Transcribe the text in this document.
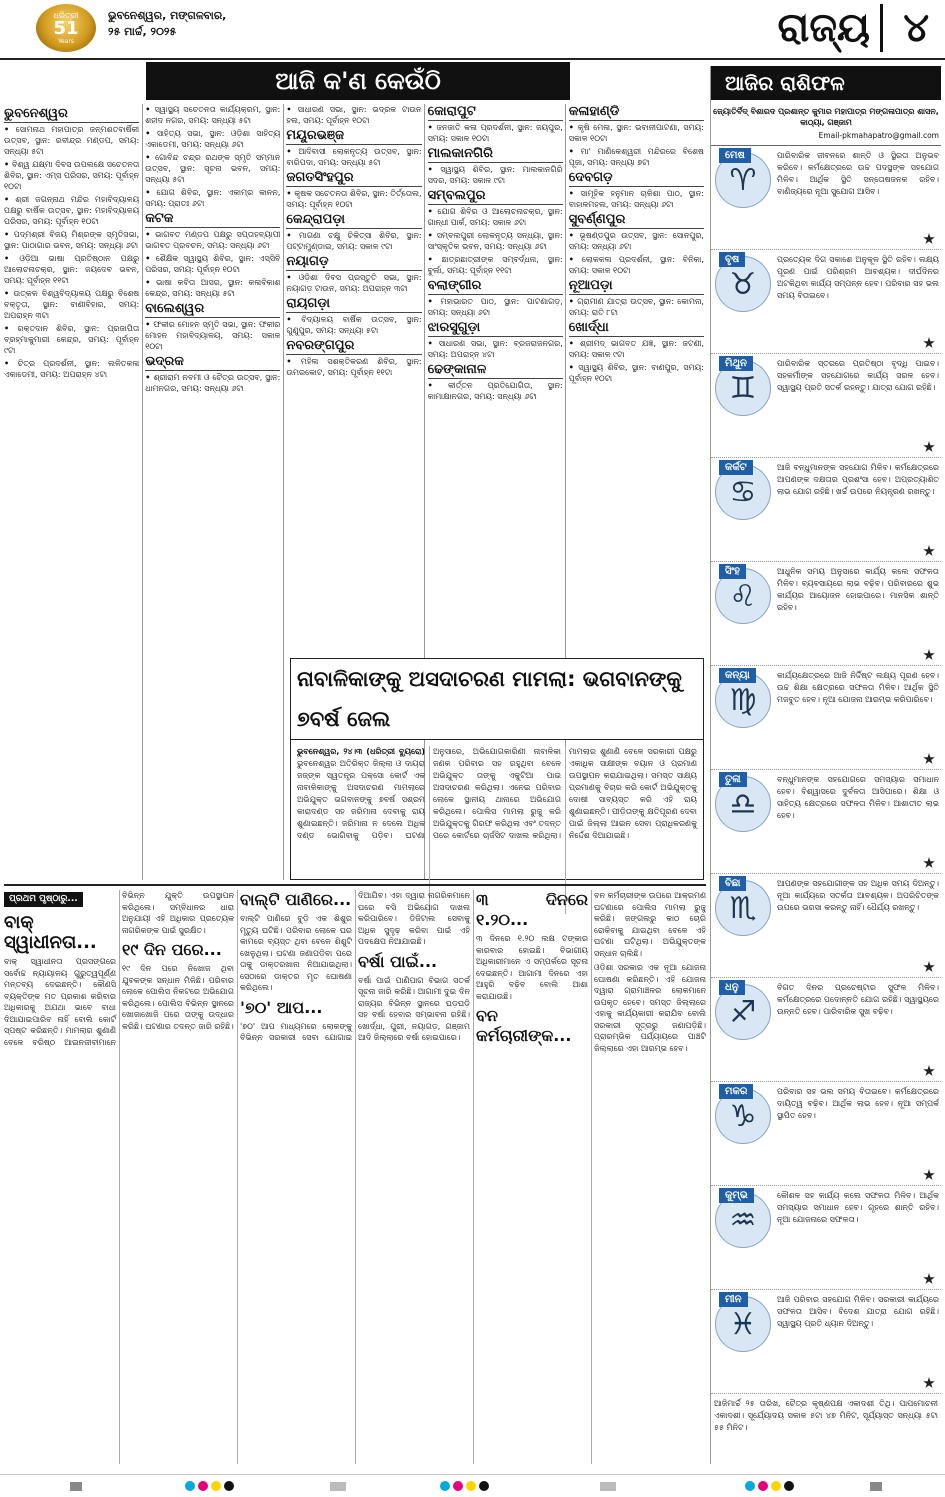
ଧରିତ୍ରୀ
51
Years
ଭୁବନେଶ୍ୱର, ମଙ୍ଗଳବାର,
୨୫ ମାର୍ଚ୍ଚ, ୨୦୨୫	ରାଜ୍ୟ ୪
ଆଜି କ'ଣ କେଉଁଠି
ଭୁବନେଶ୍ୱର
• ସୋମନାଥ ମହାପାତ୍ର ଜନ୍ମଶତବାର୍ଷିକୀ ଉତ୍ସବ, ସ୍ଥାନ: ରବୀନ୍ଦ୍ର ମଣ୍ଡପ, ସମୟ: ସନ୍ଧ୍ୟା ୫ଟା
• ବିଶ୍ୱ ଯକ୍ଷ୍ମା ଦିବସ ଉପଲକ୍ଷେ ସଚେତନତା ଶିବିର, ସ୍ଥାନ: ଏମ୍‌ସ ପରିସର, ସମୟ: ପୂର୍ବାହ୍ନ ୧୦ଟା
• ଶ୍ରୀ ଜଗନ୍ନାଥ ମନ୍ଦିର ମହାବିଦ୍ୟାଳୟ ପକ୍ଷରୁ ବାର୍ଷିକ ଉତ୍ସବ, ସ୍ଥାନ: ମହାବିଦ୍ୟାଳୟ ପରିସର, ସମୟ: ପୂର୍ବାହ୍ନ ୧୦ଟା
• ପଦ୍ମଶ୍ରୀ ବିଜୟ ମିଶ୍ରଙ୍କ ସ୍ମୃତିସଭା, ସ୍ଥାନ: ପାଠାଗାର ଭବନ, ସମୟ: ସନ୍ଧ୍ୟା ୬ଟା
• ଓଡ଼ିଆ ଭାଷା ପ୍ରତିଷ୍ଠାନ ପକ୍ଷରୁ ଆଲୋଚନାଚକ୍ର, ସ୍ଥାନ: ଜୟଦେବ ଭବନ, ସମୟ: ପୂର୍ବାହ୍ନ ୧୧ଟା
• ଉତ୍କଳ ବିଶ୍ୱବିଦ୍ୟାଳୟ ପକ୍ଷରୁ ବିଶେଷ ବକ୍ତୃତା, ସ୍ଥାନ: ବାଣୀବିହାର, ସମୟ: ଅପରାହ୍ନ ୩ଟା
• ରକ୍ତଦାନ ଶିବିର, ସ୍ଥାନ: ପ୍ରଜାପିତା ବ୍ରହ୍ମାକୁମାରୀ କେନ୍ଦ୍ର, ସମୟ: ପୂର୍ବାହ୍ନ ୯ଟା
• ଚିତ୍ର ପ୍ରଦର୍ଶନୀ, ସ୍ଥାନ: ଲଳିତକଳା ଏକାଡେମୀ, ସମୟ: ଅପରାହ୍ନ ୪ଟା
• ସ୍ୱାସ୍ଥ୍ୟ ସଚେତନତା କାର୍ଯ୍ୟକ୍ରମ, ସ୍ଥାନ: ଶହୀଦ ନଗର, ସମୟ: ସନ୍ଧ୍ୟା ୫ଟା
• ସାହିତ୍ୟ ସଭା, ସ୍ଥାନ: ଓଡ଼ିଶା ସାହିତ୍ୟ ଏକାଡେମୀ, ସମୟ: ସନ୍ଧ୍ୟା ୬ଟା
• ଗୋବିନ୍ଦ ଚନ୍ଦ୍ର ରଥଙ୍କ ସ୍ମୃତି ସମ୍ମାନ ଉତ୍ସବ, ସ୍ଥାନ: ସୂଚନା ଭବନ, ସମୟ: ସନ୍ଧ୍ୟା ୫ଟା
• ଯୋଗ ଶିବିର, ସ୍ଥାନ: ଏକାମ୍ର କାନନ, ସମୟ: ପ୍ରାତଃ ୬ଟା
କଟକ
• ଭାଗବତ ମଣ୍ଡପ ପକ୍ଷରୁ ସପ୍ତାହବ୍ୟାପୀ ଭାଗବତ ପ୍ରବଚନ, ସମୟ: ସନ୍ଧ୍ୟା ୬ଟା
• ଶୈକ୍ଷିକ ସ୍ୱାସ୍ଥ୍ୟ ଶିବିର, ସ୍ଥାନ: ଏସ୍‌ସିବି ପରିସର, ସମୟ: ପୂର୍ବାହ୍ନ ୧୦ଟା
• ଭାଷା କବିତା ଆସର, ସ୍ଥାନ: କଳାବିକାଶ କେନ୍ଦ୍ର, ସମୟ: ସନ୍ଧ୍ୟା ୫ଟା
ବାଲେଶ୍ୱର
• ଫକୀର ମୋହନ ସ୍ମୃତି ସଭା, ସ୍ଥାନ: ଫକୀର ମୋହନ ମହାବିଦ୍ୟାଳୟ, ସମୟ: ସକାଳ ୧୦ଟା
ଭଦ୍ରକ
• ଶ୍ରୀରାମ ନବମୀ ଓ ଚୈତ୍ର ଉତ୍ସବ, ସ୍ଥାନ: ଧାମନଗର, ସମୟ: ସନ୍ଧ୍ୟା ୬ଟା
• ସାଧାରଣ ସଭା, ସ୍ଥାନ: ଭଦ୍ରକ ଟାଉନ ହଲ, ସମୟ: ପୂର୍ବାହ୍ନ ୧୦ଟା
ମୟୂରଭଞ୍ଜ
• ଆଦିବାସୀ ଲୋକନୃତ୍ୟ ଉତ୍ସବ, ସ୍ଥାନ: ବାରିପଦା, ସମୟ: ସନ୍ଧ୍ୟା ୫ଟା
ଜଗତସିଂହପୁର
• କୃଷକ ସଚେତନତା ଶିବିର, ସ୍ଥାନ: ତିର୍ତ୍ତୋଲ, ସମୟ: ପୂର୍ବାହ୍ନ ୧୦ଟା
କେନ୍ଦ୍ରାପଡ଼ା
• ମାଗଣା ଚକ୍ଷୁ ଚିକିତ୍ସା ଶିବିର, ସ୍ଥାନ: ପଟ୍ଟାମୁଣ୍ଡାଇ, ସମୟ: ସକାଳ ୯ଟା
ନୟାଗଡ଼
• ଓଡ଼ିଶା ଦିବସ ପ୍ରସ୍ତୁତି ସଭା, ସ୍ଥାନ: ନୟାଗଡ଼ ଟାଉନ, ସମୟ: ଅପରାହ୍ନ ୩ଟା
ରାୟଗଡ଼ା
• ବିଦ୍ୟାଳୟ ବାର୍ଷିକ ଉତ୍ସବ, ସ୍ଥାନ: ଗୁଣୁପୁର, ସମୟ: ସନ୍ଧ୍ୟା ୫ଟା
ନବରଙ୍ଗପୁର
• ମହିଳା ସଶକ୍ତିକରଣ ଶିବିର, ସ୍ଥାନ: ଉମରକୋଟ, ସମୟ: ପୂର୍ବାହ୍ନ ୧୧ଟା
କୋରାପୁଟ
• ଜନଜାତି କଳା ପ୍ରଦର୍ଶନୀ, ସ୍ଥାନ: ଜୟପୁର, ସମୟ: ସକାଳ ୧୦ଟା
ମାଲକାନଗିରି
• ସ୍ୱାସ୍ଥ୍ୟ ଶିବିର, ସ୍ଥାନ: ମାଲକାନଗିରି ସଦର, ସମୟ: ସକାଳ ୯ଟା
ସମ୍ବଲପୁର
• ଯୋଗ ଶିବିର ଓ ଆଲୋଚନାଚକ୍ର, ସ୍ଥାନ: ଗାନ୍ଧୀ ପାର୍କ, ସମୟ: ସକାଳ ୬ଟା
• ସମ୍ବଲପୁରୀ ଲୋକନୃତ୍ୟ ସନ୍ଧ୍ୟା, ସ୍ଥାନ: ସାଂସ୍କୃତିକ ଭବନ, ସମୟ: ସନ୍ଧ୍ୟା ୬ଟା
• ଛାତ୍ରଛାତ୍ରୀଙ୍କ ସମ୍ବର୍ଦ୍ଧନା, ସ୍ଥାନ: ବୁର୍ଲା, ସମୟ: ପୂର୍ବାହ୍ନ ୧୧ଟା
ବଲାଙ୍ଗୀର
• ମହାଭାରତ ପାଠ, ସ୍ଥାନ: ପାଟଣାଗଡ଼, ସମୟ: ସନ୍ଧ୍ୟା ୬ଟା
ଝାରସୁଗୁଡ଼ା
• ସାଧାରଣ ସଭା, ସ୍ଥାନ: ବ୍ରଜରାଜନଗର, ସମୟ: ଅପରାହ୍ନ ୪ଟା
ଢେଙ୍କାନାଳ
• କୀର୍ତ୍ତନ ପ୍ରତିଯୋଗିତା, ସ୍ଥାନ: କାମାକ୍ଷାନଗର, ସମୟ: ସନ୍ଧ୍ୟା ୬ଟା
କଳାହାଣ୍ଡି
• କୃଷି ମେଳା, ସ୍ଥାନ: ଭବାନୀପାଟଣା, ସମୟ: ସକାଳ ୧୦ଟା
• ମା' ମାଣିକେଶ୍ୱରୀ ମନ୍ଦିରରେ ବିଶେଷ ପୂଜା, ସମୟ: ସନ୍ଧ୍ୟା ୭ଟା
ଦେବଗଡ଼
• ସାମୂହିକ ହନୁମାନ ଚାଳିଶା ପାଠ, ସ୍ଥାନ: ବାହାଳମହଲ, ସମୟ: ସନ୍ଧ୍ୟା ୬ଟା
ସୁବର୍ଣ୍ଣପୁର
• ଭୂଷଣ୍ଡପୁର ଉତ୍ସବ, ସ୍ଥାନ: ସୋନପୁର, ସମୟ: ସନ୍ଧ୍ୟା ୬ଟା
• ଲୋକକଳା ପ୍ରଦର୍ଶନୀ, ସ୍ଥାନ: ବିନିକା, ସମୟ: ସକାଳ ୧୦ଟା
ନୂଆପଡ଼ା
• ଗ୍ରାମୀଣ ଯାତ୍ରା ଉତ୍ସବ, ସ୍ଥାନ: କୋମନା, ସମୟ: ରାତି ୮ଟା
ଖୋର୍ଦ୍ଧା
• ଶ୍ରୀମଦ୍ ଭାଗବତ ଯଜ୍ଞ, ସ୍ଥାନ: ଜଟଣୀ, ସମୟ: ସକାଳ ୯ଟା
• ସ୍ୱାସ୍ଥ୍ୟ ଶିବିର, ସ୍ଥାନ: ବାଣପୁର, ସମୟ: ପୂର୍ବାହ୍ନ ୧୦ଟା
ନାବାଳିକାଙ୍କୁ ଅସଦାଚରଣ ମାମଲା: ଭଗବାନଙ୍କୁ ୭ବର୍ଷ ଜେଲ
ଭୁବନେଶ୍ୱର, ୨୪।୩ (ଧରିତ୍ରୀ ବ୍ୟୁରୋ) ଭୁବନେଶ୍ୱର ଅତିରିକ୍ତ ଜିଲ୍ଲା ଓ ଦାୟରା ଜଜ୍‌ଙ୍କ ସ୍ୱତନ୍ତ୍ର ପକ୍ସୋ କୋର୍ଟ ଏକ ନାବାଳିକାଙ୍କୁ ଅସଦାଚରଣ ମାମଲାରେ ଅଭିଯୁକ୍ତ ଭଗବାନଙ୍କୁ ୭ବର୍ଷ ସଶ୍ରମ କାରାଦଣ୍ଡ ସହ ଜରିମାନା ଦେବାକୁ ରାୟ ଶୁଣାଇଛନ୍ତି। ଜରିମାନା ନ ଦେଲେ ଅଧିକ ଦଣ୍ଡ ଭୋଗିବାକୁ ପଡ଼ିବ। ଘଟଣା ଅନୁସାରେ, ଅଭିଯୋଗକାରିଣୀ ନାବାଳିକା ଜଣକ ପରିବାର ସହ ରହୁଥିବା ବେଳେ ଅଭିଯୁକ୍ତ ତାଙ୍କୁ ଏକୁଟିଆ ପାଇ ଅସଦାଚରଣ କରିଥିଲା। ଏନେଇ ପରିବାର ଲୋକେ ସ୍ଥାନୀୟ ଥାନାରେ ଅଭିଯୋଗ କରିଥିଲେ। ପୋଲିସ ମାମଲା ରୁଜୁ କରି ଅଭିଯୁକ୍ତକୁ ଗିରଫ କରିଥିଲା ଏବଂ ତଦନ୍ତ ପରେ କୋର୍ଟରେ ଚାର୍ଜସିଟ ଦାଖଲ କରିଥିଲା। ମାମଲାର ଶୁଣାଣି ବେଳେ ସରକାରୀ ପକ୍ଷରୁ ଏକାଧିକ ସାକ୍ଷୀଙ୍କ ବୟାନ ଓ ପ୍ରମାଣ ଉପସ୍ଥାପନ କରାଯାଇଥିଲା। ସମସ୍ତ ସାକ୍ଷ୍ୟ ପ୍ରମାଣକୁ ବିଚାର କରି କୋର୍ଟ ଅଭିଯୁକ୍ତକୁ ଦୋଷୀ ସାବ୍ୟସ୍ତ କରି ଏହି ରାୟ ଶୁଣାଇଛନ୍ତି। ପୀଡ଼ିତାଙ୍କୁ କ୍ଷତିପୂରଣ ଦେବା ପାଇଁ ଜିଲ୍ଲା ଆଇନ ସେବା ପ୍ରାଧିକରଣକୁ ନିର୍ଦ୍ଦେଶ ଦିଆଯାଇଛି।
ଆଜିର ରାଶିଫଳ
ଜ୍ୟୋତିର୍ବିଦ୍ ବିଶାରଦ ପ୍ରଶାନ୍ତ କୁମାର ମହାପାତ୍ର ମଙ୍ଗଳାପାତ୍ର ଶାସନ, କାଠ୍ୟା, ଗଞ୍ଜାମ
Email-pkmahapatro@gmail.com
ମେଷ
♈
ପାରିବାରିକ ଜୀବନରେ ଶାନ୍ତି ଓ ସ୍ଥିରତା ଅନୁଭବ କରିବେ। କର୍ମକ୍ଷେତ୍ରରେ ଉଚ୍ଚ ପଦସ୍ଥଙ୍କ ସହଯୋଗ ମିଳିବ। ଆର୍ଥିକ ସ୍ଥିତି ସନ୍ତୋଷଜନକ ରହିବ। ବାଣିଜ୍ୟରେ ନୂଆ ସୁଯୋଗ ଆସିବ।
ବୃଷ
♉
ପ୍ରତ୍ୟେକ ଦିଗ ସକାଶେ ଅନୁକୂଳ ସ୍ଥିତି ରହିବ। ଲକ୍ଷ୍ୟ ପୂରଣ ପାଇଁ ପରିଶ୍ରମ ଆବଶ୍ୟକ। ଦୀର୍ଘଦିନର ଅଟକିଥିବା କାର୍ଯ୍ୟ ସମ୍ପନ୍ନ ହେବ। ପରିବାର ସହ ଭଲ ସମୟ ବିତାଇବେ।
ମିଥୁନ
♊
ପାରିବାରିକ ସ୍ତରରେ ପ୍ରତିଷ୍ଠା ବୃଦ୍ଧି ପାଇବ। ସହକର୍ମୀଙ୍କ ସହଯୋଗରେ କାର୍ଯ୍ୟ ସରଳ ହେବ। ସ୍ୱାସ୍ଥ୍ୟ ପ୍ରତି ସତର୍କ ରହନ୍ତୁ। ଯାତ୍ରା ଯୋଗ ରହିଛି।
କର୍କଟ
♋
ଆଜି ବନ୍ଧୁମାନଙ୍କ ସହଯୋଗ ମିଳିବ। କର୍ମକ୍ଷେତ୍ରରେ ଆପଣଙ୍କ ଦକ୍ଷତାର ପ୍ରଶଂସା ହେବ। ଅପ୍ରତ୍ୟାଶିତ ଲାଭ ଯୋଗ ରହିଛି। ଖର୍ଚ୍ଚ ଉପରେ ନିୟନ୍ତ୍ରଣ ରଖନ୍ତୁ।
ସିଂହ
♌
ଆଧୁନିକ ସମୟ ଅନୁସାରେ କାର୍ଯ୍ୟ କଲେ ସଫଳତା ମିଳିବ। ବ୍ୟବସାୟରେ ଲାଭ ବଢ଼ିବ। ପରିବାରରେ ଶୁଭ କାର୍ଯ୍ୟର ଆୟୋଜନ ହୋଇପାରେ। ମାନସିକ ଶାନ୍ତି ରହିବ।
କନ୍ୟା
♍
କାର୍ଯ୍ୟକ୍ଷେତ୍ରରେ ଆଜି ନିର୍ଦ୍ଦିଷ୍ଟ ଲକ୍ଷ୍ୟ ପୂରଣ ହେବ। ଉଚ୍ଚ ଶିକ୍ଷା କ୍ଷେତ୍ରରେ ସଫଳତା ମିଳିବ। ଆର୍ଥିକ ସ୍ଥିତି ମଜବୁତ ହେବ। ନୂଆ ଯୋଜନା ଆରମ୍ଭ କରିପାରିବେ।
ତୁଳା
♎
ବନ୍ଧୁମାନଙ୍କ ସହଯୋଗରେ ସମସ୍ୟାର ସମାଧାନ ହେବ। ବିଶ୍ୱାସରେ ଦୁର୍ବଳତା ଆସିପାରେ। ଶିକ୍ଷା ଓ ସାହିତ୍ୟ କ୍ଷେତ୍ରରେ ସଫଳତା ମିଳିବ। ଆଶାତୀତ ଲାଭ ହେବ।
ବିଛା
♏
ଆପଣଙ୍କ ସହଯୋଗୀଙ୍କ ସହ ଅଧିକ ସମୟ ଦିଅନ୍ତୁ। ନୂଆ କାର୍ଯ୍ୟରେ ସତର୍କତା ଆବଶ୍ୟକ। ଅପରିଚିତଙ୍କ ଉପରେ ଭରସା କରନ୍ତୁ ନାହିଁ। ଧୈର୍ଯ୍ୟ ରଖନ୍ତୁ।
ଧନୁ
♐
ବିଗତ ଦିନର ପ୍ରଚେଷ୍ଟାର ସୁଫଳ ମିଳିବ। କର୍ମକ୍ଷେତ୍ରରେ ପଦୋନ୍ନତି ଯୋଗ ରହିଛି। ସ୍ୱାସ୍ଥ୍ୟରେ ଉନ୍ନତି ହେବ। ପାରିବାରିକ ସୁଖ ବଢ଼ିବ।
ମକର
♑
ପରିବାର ସହ ଭଲ ସମୟ ବିତାଇବେ। କର୍ମକ୍ଷେତ୍ରରେ ଦାୟିତ୍ୱ ବଢ଼ିବ। ଆର୍ଥିକ ଲାଭ ହେବ। ନୂଆ ସମ୍ପର୍କ ସ୍ଥାପିତ ହେବ।
କୁମ୍ଭ
♒
କୌଶଳ ସହ କାର୍ଯ୍ୟ କଲେ ସଫଳତା ମିଳିବ। ଆର୍ଥିକ ସମସ୍ୟାର ସମାଧାନ ହେବ। ଗୃହରେ ଶାନ୍ତି ରହିବ। ନୂଆ ଯୋଜନାରେ ସଫଳତା।
ମୀନ
♓
ଆଜି ପରିବାର ସହଯୋଗ ମିଳିବ। ସରକାରୀ କାର୍ଯ୍ୟରେ ସଫଳତା ଆସିବ। ବିଦେଶ ଯାତ୍ରା ଯୋଗ ରହିଛି। ସ୍ୱାସ୍ଥ୍ୟ ପ୍ରତି ଧ୍ୟାନ ଦିଅନ୍ତୁ।
ଆଜିମାର୍ଚ୍ଚ ୨୫ ତାରିଖ, ଚୈତ୍ର କୃଷ୍ଣପକ୍ଷ ଏକାଦଶୀ ତିଥି। ପାପମୋଚନୀ ଏକାଦଶୀ। ସୂର୍ଯ୍ୟୋଦୟ ସକାଳ ୫ଟା ୪୭ ମିନିଟ, ସୂର୍ଯ୍ୟାସ୍ତ ସନ୍ଧ୍ୟା ୫ଟା ୫୫ ମିନିଟ।
ପ୍ରଥମ ପୃଷ୍ଠାରୁ...
ବାକ୍ ସ୍ୱାଧୀନତା...

ବାକ୍ ସ୍ୱାଧୀନତା ପ୍ରସଙ୍ଗରେ ସର୍ବୋଚ୍ଚ ନ୍ୟାୟାଳୟ ଗୁରୁତ୍ୱପୂର୍ଣ୍ଣ ମନ୍ତବ୍ୟ ଦେଇଛନ୍ତି। କୌଣସି ବ୍ୟକ୍ତିଙ୍କ ମତ ପ୍ରକାଶ କରିବାର ଅଧିକାରକୁ ଅଯଥା ଭାବେ ବାଧା ଦିଆଯାଇପାରିବ ନାହିଁ ବୋଲି କୋର୍ଟ ସ୍ପଷ୍ଟ କରିଛନ୍ତି। ମାମଲାର ଶୁଣାଣି ବେଳେ ବରିଷ୍ଠ ଆଇନଜୀବୀମାନେ ବିଭିନ୍ନ ଯୁକ୍ତି ଉପସ୍ଥାପନ କରିଥିଲେ। ସମ୍ବିଧାନର ଧାରା ଅନୁଯାୟୀ ଏହି ଅଧିକାର ପ୍ରତ୍ୟେକ ନାଗରିକଙ୍କ ପାଇଁ ସୁରକ୍ଷିତ।

୧୯ ଦିନ ପରେ...

୧୯ ଦିନ ପରେ ନିଖୋଜ ଥିବା ଯୁବକଙ୍କ ସନ୍ଧାନ ମିଳିଛି। ପରିବାର ଲୋକେ ପୋଲିସ ନିକଟରେ ଅଭିଯୋଗ କରିଥିଲେ। ପୋଲିସ ବିଭିନ୍ନ ସ୍ଥାନରେ ଖୋଜାଖୋଜି ପରେ ତାଙ୍କୁ ଉଦ୍ଧାର କରିଛି। ଘଟଣାର ତଦନ୍ତ ଜାରି ରହିଛି।

ବାଲ୍ଟି ପାଣିରେ...

ବାଲ୍ଟି ପାଣିରେ ବୁଡ଼ି ଏକ ଶିଶୁର ମୃତ୍ୟୁ ଘଟିଛି। ପରିବାର ଲୋକେ ଘର କାମରେ ବ୍ୟସ୍ତ ଥିବା ବେଳେ ଶିଶୁଟି ଖେଳୁଥିଲା। ଘଟଣା ଜଣାପଡ଼ିବା ପରେ ତାକୁ ଡାକ୍ତରଖାନା ନିଆଯାଇଥିଲା। ସେଠାରେ ଡାକ୍ତର ମୃତ ଘୋଷଣା କରିଥିଲେ।

'୭୦' ଆପ...

'୭୦' ଆପ ମାଧ୍ୟମରେ ଲୋକଙ୍କୁ ବିଭିନ୍ନ ସରକାରୀ ସେବା ଯୋଗାଇ ଦିଆଯିବ। ଏହା ଦ୍ୱାରା ନାଗରିକମାନେ ଘରେ ବସି ଅଭିଯୋଗ ଦାଖଲ କରିପାରିବେ। ଡିଜିଟାଲ ସେବାକୁ ଅଧିକ ସୁଦୃଢ଼ କରିବା ପାଇଁ ଏହି ପଦକ୍ଷେପ ନିଆଯାଇଛି।

ବର୍ଷା ପାଇଁ...

ବର୍ଷା ପାଇଁ ପାଣିପାଗ ବିଭାଗ ସତର୍କ ସୂଚନା ଜାରି କରିଛି। ଆଗାମୀ ଦୁଇ ଦିନ ରାଜ୍ୟର ବିଭିନ୍ନ ସ୍ଥାନରେ ଘଡ଼ଘଡ଼ି ସହ ବର୍ଷା ହେବାର ସମ୍ଭାବନା ରହିଛି। ଖୋର୍ଦ୍ଧା, ପୁରୀ, ନୟାଗଡ଼, ଗଞ୍ଜାମ ଆଦି ଜିଲ୍ଲାରେ ବର୍ଷା ହୋଇପାରେ।

୩ ଦିନରେ ୧.୨୦...

୩ ଦିନରେ ୧.୨୦ ଲକ୍ଷ ଟଙ୍କାର କାରବାର ହୋଇଛି। ବିଭାଗୀୟ ଅଧିକାରୀମାନେ ଏ ସମ୍ପର୍କରେ ସୂଚନା ଦେଇଛନ୍ତି। ଆଗାମୀ ଦିନରେ ଏହା ଆହୁରି ବଢ଼ିବ ବୋଲି ଆଶା କରାଯାଉଛି।

ବନ କର୍ମଚାରୀଙ୍କ...

ବନ କର୍ମଚାରୀଙ୍କ ଉପରେ ଆକ୍ରମଣ ଘଟଣାରେ ପୋଲିସ ମାମଲା ରୁଜୁ କରିଛି। ଜଙ୍ଗଲରୁ କାଠ ଚୋରି ରୋକିବାକୁ ଯାଇଥିବା ବେଳେ ଏହି ଘଟଣା ଘଟିଥିଲା। ଅଭିଯୁକ୍ତଙ୍କ ସନ୍ଧାନ ଚାଲିଛି।

ଓଡ଼ିଶା ସରକାର ଏକ ନୂଆ ଯୋଜନା ଘୋଷଣା କରିଛନ୍ତି। ଏହି ଯୋଜନା ଦ୍ୱାରା ଗ୍ରାମାଞ୍ଚଳର ଲୋକମାନେ ଉପକୃତ ହେବେ। ସମସ୍ତ ଜିଲ୍ଲାରେ ଏହାକୁ କାର୍ଯ୍ୟକାରୀ କରାଯିବ ବୋଲି ସରକାରୀ ସୂତ୍ରରୁ ଜଣାପଡ଼ିଛି। ପ୍ରାରମ୍ଭିକ ପର୍ଯ୍ୟାୟରେ ପାଞ୍ଚଟି ଜିଲ୍ଲାରେ ଏହା ଆରମ୍ଭ ହେବ।
